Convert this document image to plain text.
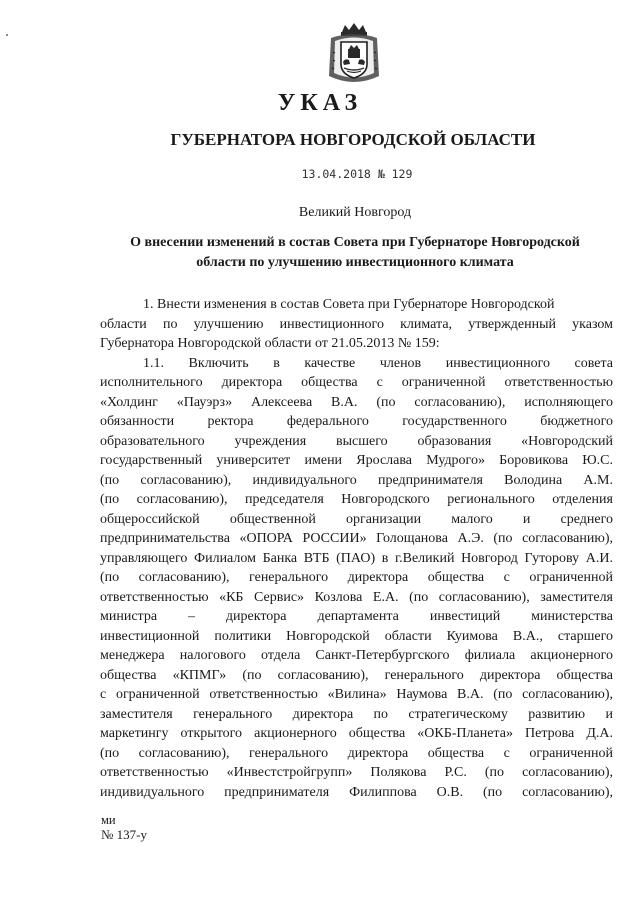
УКАЗ
ГУБЕРНАТОРА НОВГОРОДСКОЙ ОБЛАСТИ
13.04.2018 № 129
Великий Новгород
О внесении изменений в состав Совета при Губернаторе Новгородской
области по улучшению инвестиционного климата
1. Внести изменения в состав Совета при Губернаторе Новгородской
области по улучшению инвестиционного климата, утвержденный указом
Губернатора Новгородской области от 21.05.2013 № 159:
1.1. Включить в качестве членов инвестиционного совета
исполнительного директора общества с ограниченной ответственностью
«Холдинг «Пауэрз» Алексеева В.А. (по согласованию), исполняющего
обязанности ректора федерального государственного бюджетного
образовательного учреждения высшего образования «Новгородский
государственный университет имени Ярослава Мудрого» Боровикова Ю.С.
(по согласованию), индивидуального предпринимателя Володина А.М.
(по согласованию), председателя Новгородского регионального отделения
общероссийской общественной организации малого и среднего
предпринимательства «ОПОРА РОССИИ» Голощанова А.Э. (по согласованию),
управляющего Филиалом Банка ВТБ (ПАО) в г.Великий Новгород Гуторову А.И.
(по согласованию), генерального директора общества с ограниченной
ответственностью «КБ Сервис» Козлова Е.А. (по согласованию), заместителя
министра – директора департамента инвестиций министерства
инвестиционной политики Новгородской области Куимова В.А., старшего
менеджера налогового отдела Санкт-Петербургского филиала акционерного
общества «КПМГ» (по согласованию), генерального директора общества
с ограниченной ответственностью «Вилина» Наумова В.А. (по согласованию),
заместителя генерального директора по стратегическому развитию и
маркетингу открытого акционерного общества «ОКБ-Планета» Петрова Д.А.
(по согласованию), генерального директора общества с ограниченной
ответственностью «Инвестстройгрупп» Полякова Р.С. (по согласованию),
индивидуального предпринимателя Филиппова О.В. (по согласованию),
ми
№ 137-у
